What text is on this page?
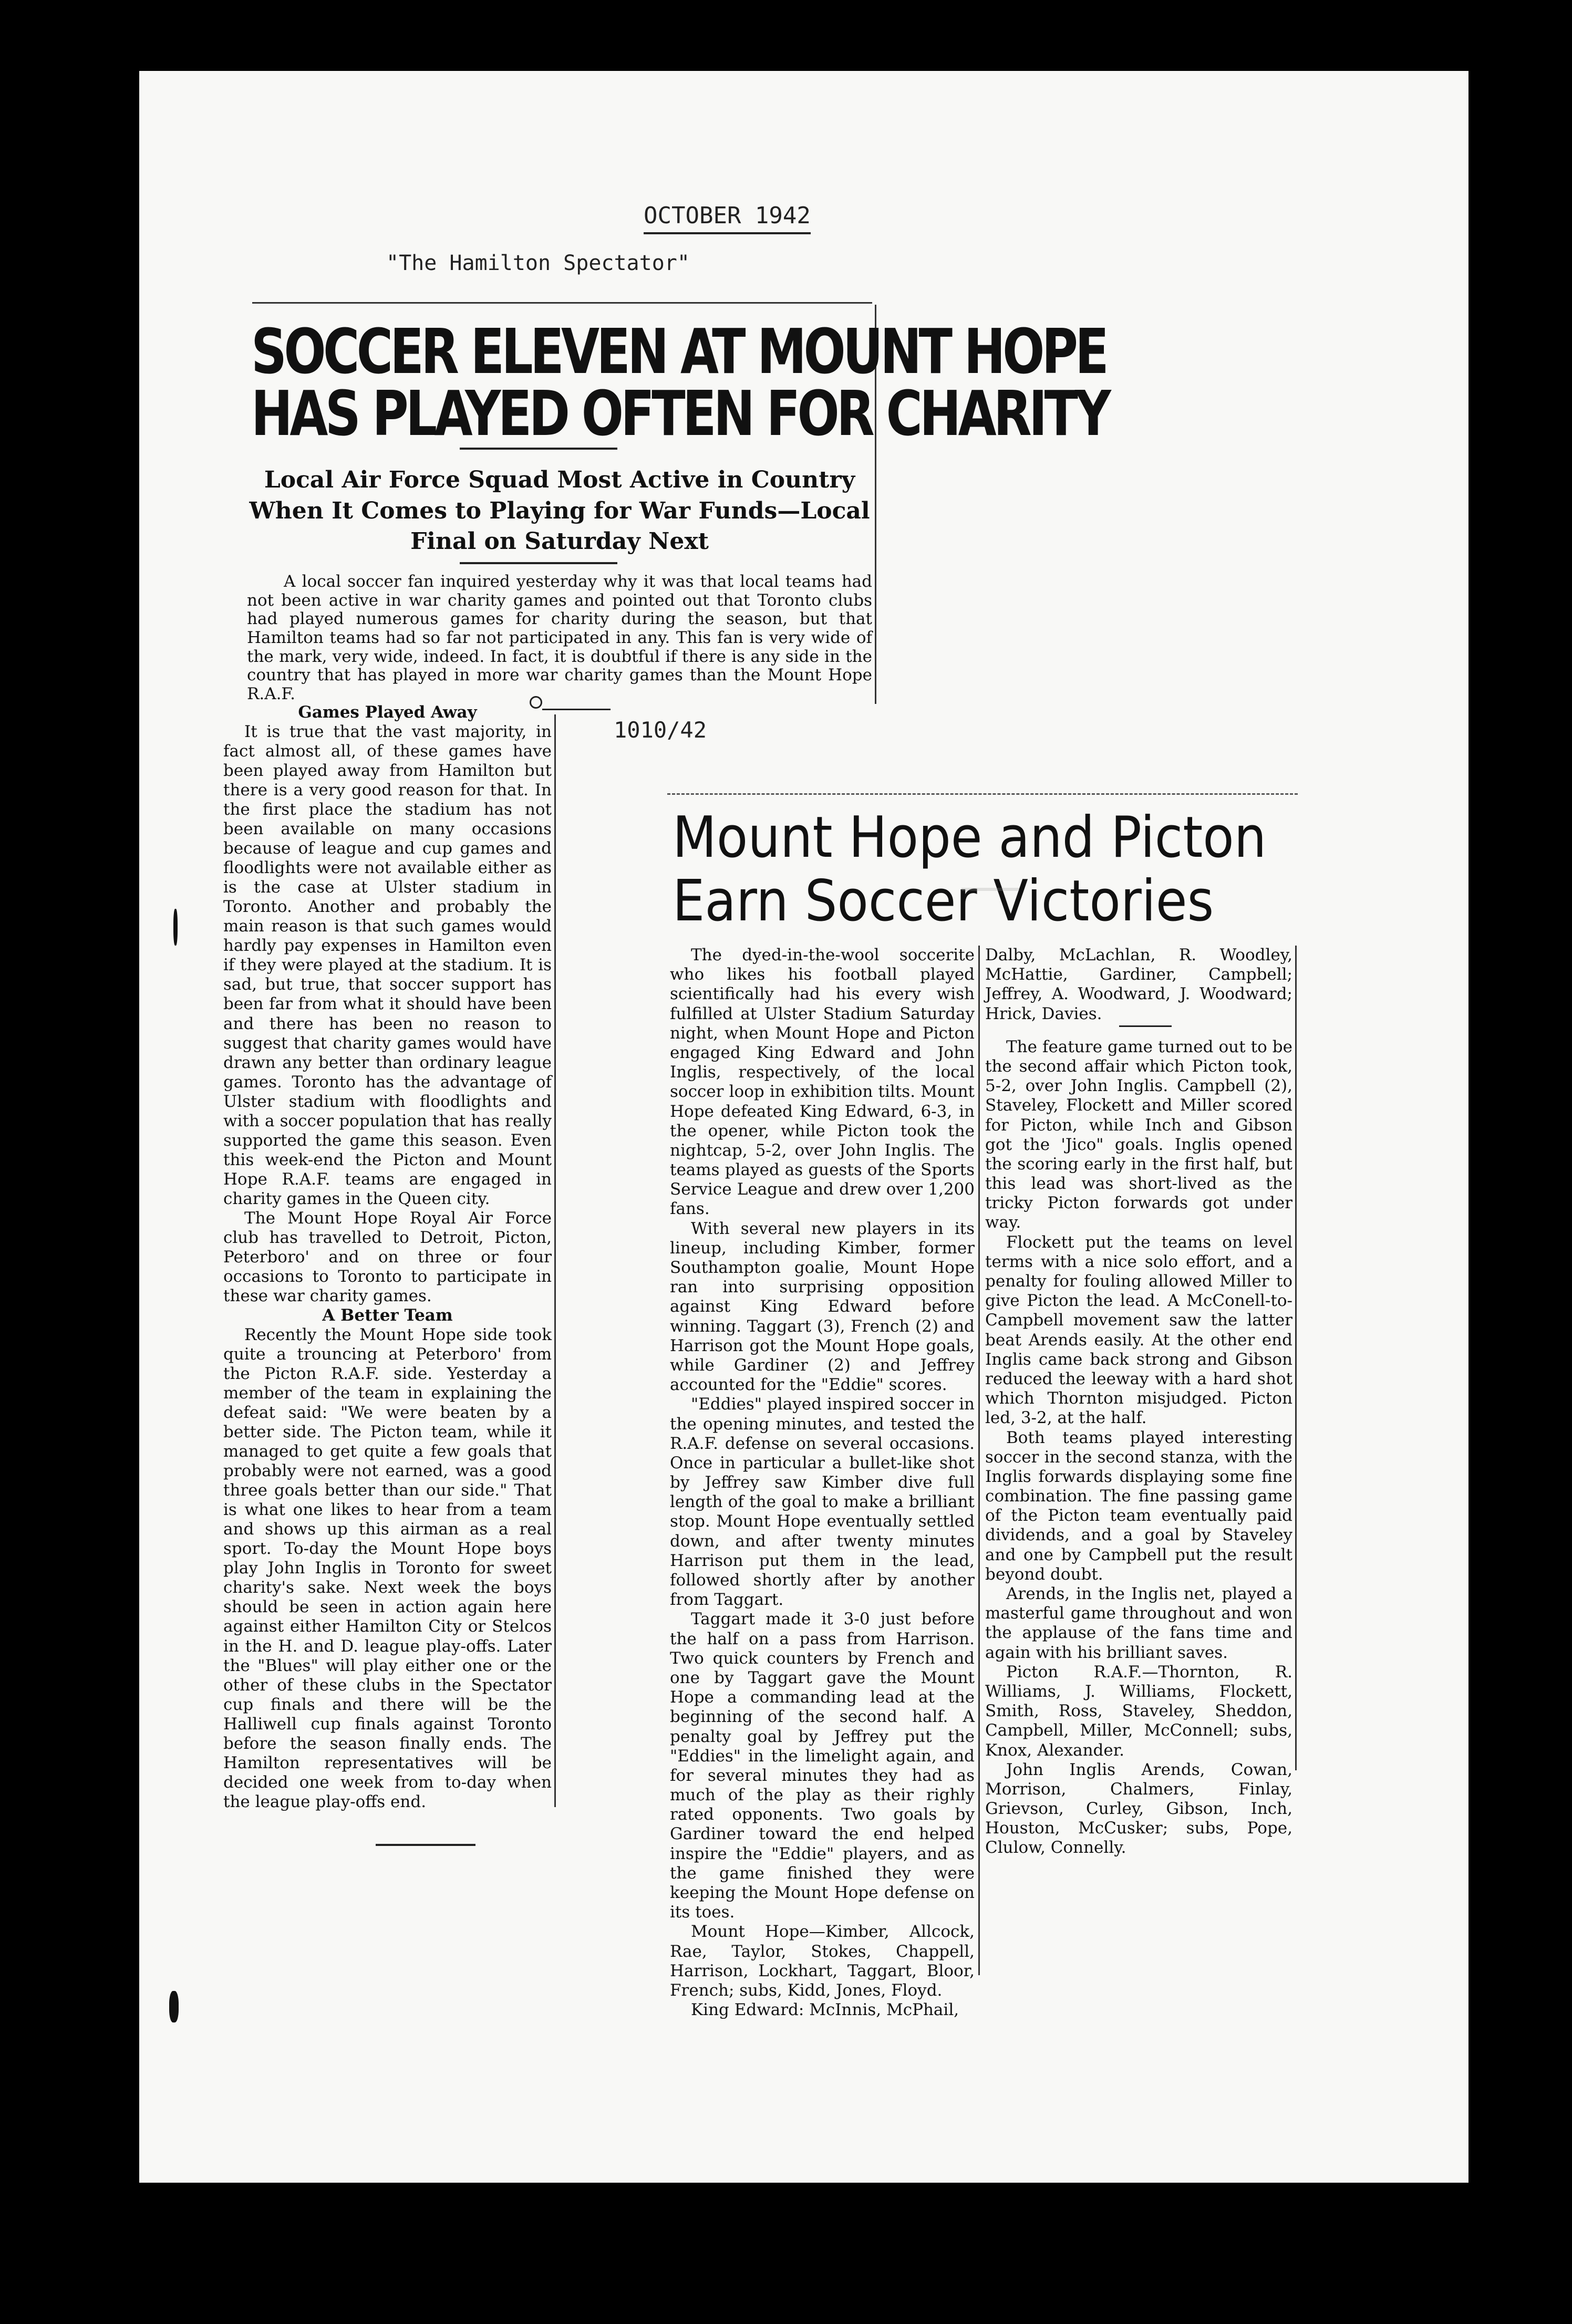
OCTOBER 1942
"The Hamilton Spectator"
1010/42
SOCCER ELEVEN AT MOUNT HOPE
HAS PLAYED OFTEN FOR CHARITY
Local Air Force Squad Most Active in Country When It Comes to Playing for War Funds—Local Final on Saturday Next
A local soccer fan inquired yesterday why it was that local teams had not been active in war charity games and pointed out that Toronto clubs had played numerous games for charity during the season, but that Hamilton teams had so far not participated in any. This fan is very wide of the mark, very wide, indeed. In fact, it is doubtful if there is any side in the country that has played in more war charity games than the Mount Hope R.A.F.

Games Played Away

It is true that the vast majority, in fact almost all, of these games have been played away from Hamilton but there is a very good reason for that. In the first place the stadium has not been available on many occasions because of league and cup games and floodlights were not available either as is the case at Ulster stadium in Toronto. Another and probably the main reason is that such games would hardly pay expenses in Hamilton even if they were played at the stadium. It is sad, but true, that soccer support has been far from what it should have been and there has been no reason to suggest that charity games would have drawn any better than ordinary league games. Toronto has the advantage of Ulster stadium with floodlights and with a soccer population that has really supported the game this season. Even this week-end the Picton and Mount Hope R.A.F. teams are engaged in charity games in the Queen city.

The Mount Hope Royal Air Force club has travelled to Detroit, Picton, Peterboro' and on three or four occasions to Toronto to participate in these war charity games.

A Better Team

Recently the Mount Hope side took quite a trouncing at Peterboro' from the Picton R.A.F. side. Yesterday a member of the team in explaining the defeat said: "We were beaten by a better side. The Picton team, while it managed to get quite a few goals that probably were not earned, was a good three goals better than our side." That is what one likes to hear from a team and shows up this airman as a real sport. To-day the Mount Hope boys play John Inglis in Toronto for sweet charity's sake. Next week the boys should be seen in action again here against either Hamilton City or Stelcos in the H. and D. league play-offs. Later the "Blues" will play either one or the other of these clubs in the Spectator cup finals and there will be the Halliwell cup finals against Toronto before the season finally ends. The Hamilton representatives will be decided one week from to-day when the league play-offs end.

Mount Hope and Picton
Earn Soccer Victories

The dyed-in-the-wool soccerite who likes his football played scientifically had his every wish fulfilled at Ulster Stadium Saturday night, when Mount Hope and Picton engaged King Edward and John Inglis, respectively, of the local soccer loop in exhibition tilts. Mount Hope defeated King Edward, 6-3, in the opener, while Picton took the nightcap, 5-2, over John Inglis. The teams played as guests of the Sports Service League and drew over 1,200 fans.

With several new players in its lineup, including Kimber, former Southampton goalie, Mount Hope ran into surprising opposition against King Edward before winning. Taggart (3), French (2) and Harrison got the Mount Hope goals, while Gardiner (2) and Jeffrey accounted for the "Eddie" scores.

"Eddies" played inspired soccer in the opening minutes, and tested the R.A.F. defense on several occasions. Once in particular a bullet-like shot by Jeffrey saw Kimber dive full length of the goal to make a brilliant stop. Mount Hope eventually settled down, and after twenty minutes Harrison put them in the lead, followed shortly after by another from Taggart.

Taggart made it 3-0 just before the half on a pass from Harrison. Two quick counters by French and one by Taggart gave the Mount Hope a commanding lead at the beginning of the second half. A penalty goal by Jeffrey put the "Eddies" in the limelight again, and for several minutes they had as much of the play as their righly rated opponents. Two goals by Gardiner toward the end helped inspire the "Eddie" players, and as the game finished they were keeping the Mount Hope defense on its toes.

Mount Hope—Kimber, Allcock, Rae, Taylor, Stokes, Chappell, Harrison, Lockhart, Taggart, Bloor, French; subs, Kidd, Jones, Floyd.

King Edward: McInnis, McPhail,

Dalby, McLachlan, R. Woodley, McHattie, Gardiner, Campbell; Jeffrey, A. Woodward, J. Woodward; Hrick, Davies.

The feature game turned out to be the second affair which Picton took, 5-2, over John Inglis. Campbell (2), Staveley, Flockett and Miller scored for Picton, while Inch and Gibson got the 'Jico" goals. Inglis opened the scoring early in the first half, but this lead was short-lived as the tricky Picton forwards got under way.

Flockett put the teams on level terms with a nice solo effort, and a penalty for fouling allowed Miller to give Picton the lead. A McConell-to-Campbell movement saw the latter beat Arends easily. At the other end Inglis came back strong and Gibson reduced the leeway with a hard shot which Thornton misjudged. Picton led, 3-2, at the half.

Both teams played interesting soccer in the second stanza, with the Inglis forwards displaying some fine combination. The fine passing game of the Picton team eventually paid dividends, and a goal by Staveley and one by Campbell put the result beyond doubt.

Arends, in the Inglis net, played a masterful game throughout and won the applause of the fans time and again with his brilliant saves.

Picton R.A.F.—Thornton, R. Williams, J. Williams, Flockett, Smith, Ross, Staveley, Sheddon, Campbell, Miller, McConnell; subs, Knox, Alexander.

John Inglis Arends, Cowan, Morrison, Chalmers, Finlay, Grievson, Curley, Gibson, Inch, Houston, McCusker; subs, Pope, Clulow, Connelly.
